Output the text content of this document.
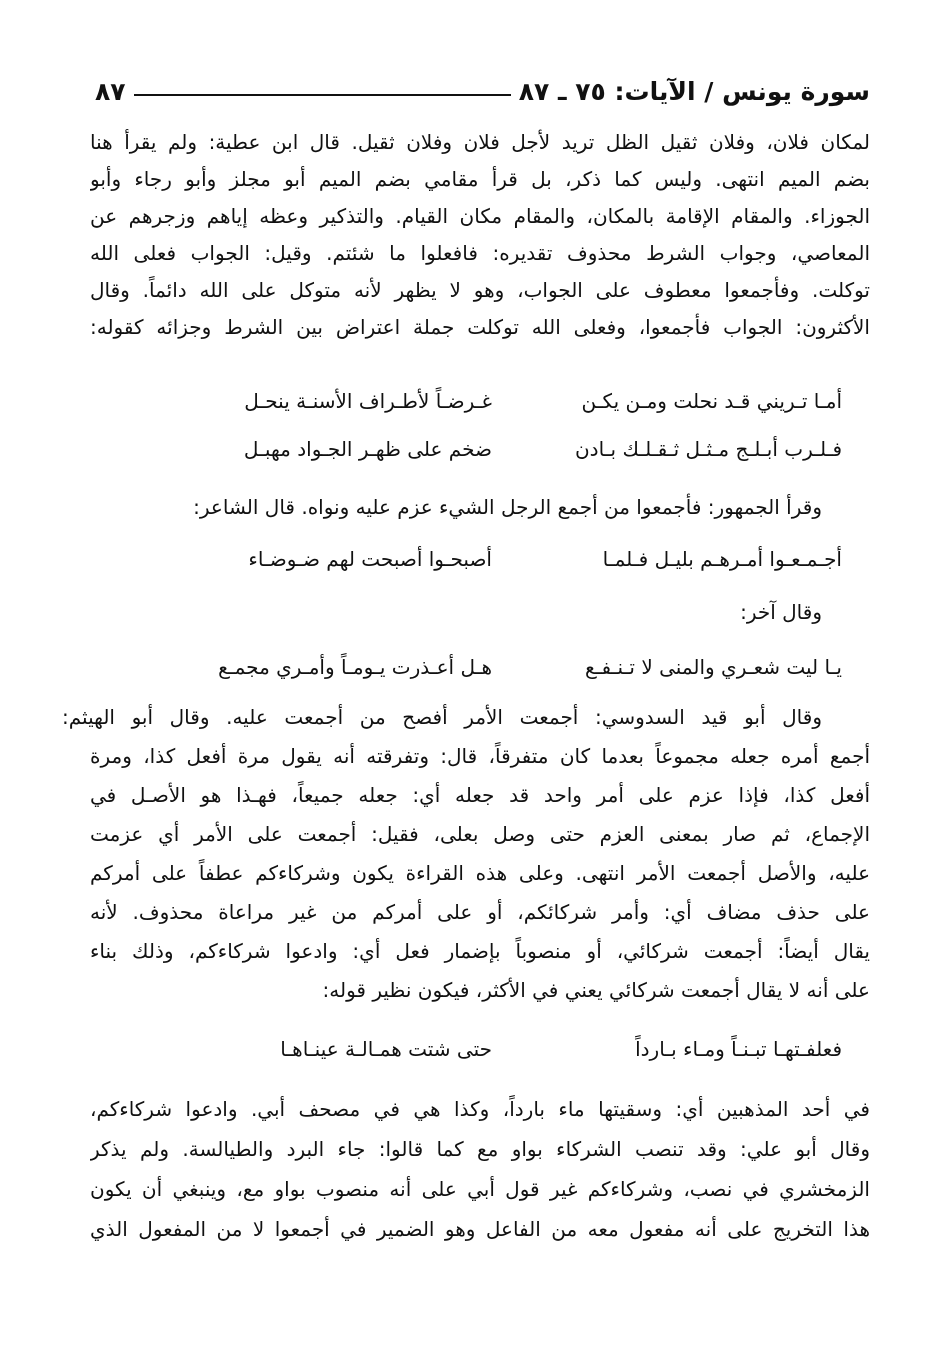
سورة يونس / الآيات: ٧٥ ـ ٨٧
٨٧
لمكان فلان، وفلان ثقيل الظل تريد لأجل فلان وفلان ثقيل. قال ابن عطية: ولم يقرأ هنا
بضم الميم انتهى. وليس كما ذكر، بل قرأ مقامي بضم الميم أبو مجلز وأبو رجاء وأبو
الجوزاء. والمقام الإقامة بالمكان، والمقام مكان القيام. والتذكير وعظه إياهم وزجرهم عن
المعاصي، وجواب الشرط محذوف تقديره: فافعلوا ما شئتم. وقيل: الجواب فعلى الله
توكلت. وفأجمعوا معطوف على الجواب، وهو لا يظهر لأنه متوكل على الله دائماً. وقال
الأكثرون: الجواب فأجمعوا، وفعلى الله توكلت جملة اعتراض بين الشرط وجزائه كقوله:
أمـا تـريني قـد نحلت ومـن يكـن
غـرضـاً لأطـراف الأسنـة ينحـل
فـلـرب أبـلـج مـثـل ثـقـلـك بـادن
ضخم على ظهـر الجـواد مهبـل
وقرأ الجمهور: فأجمعوا من أجمع الرجل الشيء عزم عليه ونواه. قال الشاعر:
أجـمـعـوا أمـرهـم بليـل فـلمـا
أصبحـوا أصبحت لهم ضـوضـاء
وقال آخر:
يـا ليت شعـري والمنى لا تـنـفـع
هـل أعـذرت يـومـاً وأمـري مجمـع
وقال أبو قيد السدوسي: أجمعت الأمر أفصح من أجمعت عليه. وقال أبو الهيثم:
أجمع أمره جعله مجموعاً بعدما كان متفرقاً، قال: وتفرقته أنه يقول مرة أفعل كذا، ومرة
أفعل كذا، فإذا عزم على أمر واحد قد جعله أي: جعله جميعاً، فهـذا هو الأصـل في
الإجماع، ثم صار بمعنى العزم حتى وصل بعلى، فقيل: أجمعت على الأمر أي عزمت
عليه، والأصل أجمعت الأمر انتهى. وعلى هذه القراءة يكون وشركاءكم عطفاً على أمركم
على حذف مضاف أي: وأمر شركائكم، أو على أمركم من غير مراعاة محذوف. لأنه
يقال أيضاً: أجمعت شركائي، أو منصوباً بإضمار فعل أي: وادعوا شركاءكم، وذلك بناء
على أنه لا يقال أجمعت شركائي يعني في الأكثر، فيكون نظير قوله:
فعلفـتهـا تبـنـاً ومـاء بـارداً
حتى شتت همـالـة عينـاهـا
في أحد المذهبين أي: وسقيتها ماء بارداً، وكذا هي في مصحف أبي. وادعوا شركاءكم،
وقال أبو علي: وقد تنصب الشركاء بواو مع كما قالوا: جاء البرد والطيالسة. ولم يذكر
الزمخشري في نصب، وشركاءكم غير قول أبي على أنه منصوب بواو مع، وينبغي أن يكون
هذا التخريج على أنه مفعول معه من الفاعل وهو الضمير في أجمعوا لا من المفعول الذي
